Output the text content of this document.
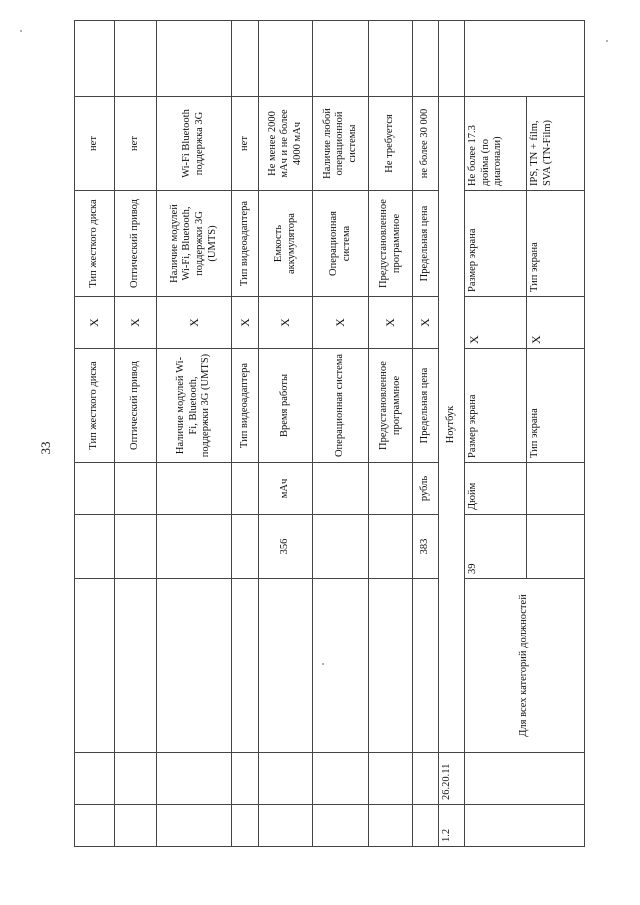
33
						Тип жесткого диска	Х	Тип жесткого диска	нет	
					Оптический привод	Х	Оптический привод	нет	
					Наличие модулей Wi-Fi, Bluetooth, поддержки 3G (UMTS)	Х	Наличие модулей Wi-Fi, Bluetooth, поддержки 3G (UMTS)	Wi-Fi Bluetooth поддержка 3G	
					Тип видеоадаптера	Х	Тип видеоадаптера	нет	
			356	мАч	Время работы	Х	Емкость аккумулятора	Не менее 2000 мАч и не более 4000 мАч	
					Операционная система	Х	Операционная система	Наличие любой операционной системы	
					Предустановленное программное	Х	Предустановленное программное	Не требуется	
			383	рубль	Предельная цена	Х	Предельная цена	не более 30 000	
1.2	26.20.11	Ноутбук							
		Для всех категорий должностей	39	Дюйм	Размер экрана	Х	Размер экрана	Не более 17.3 дюйма (по диагонали)	
					Тип экрана	Х	Тип экрана	IPS, TN + film, SVA (TN-Film)	
